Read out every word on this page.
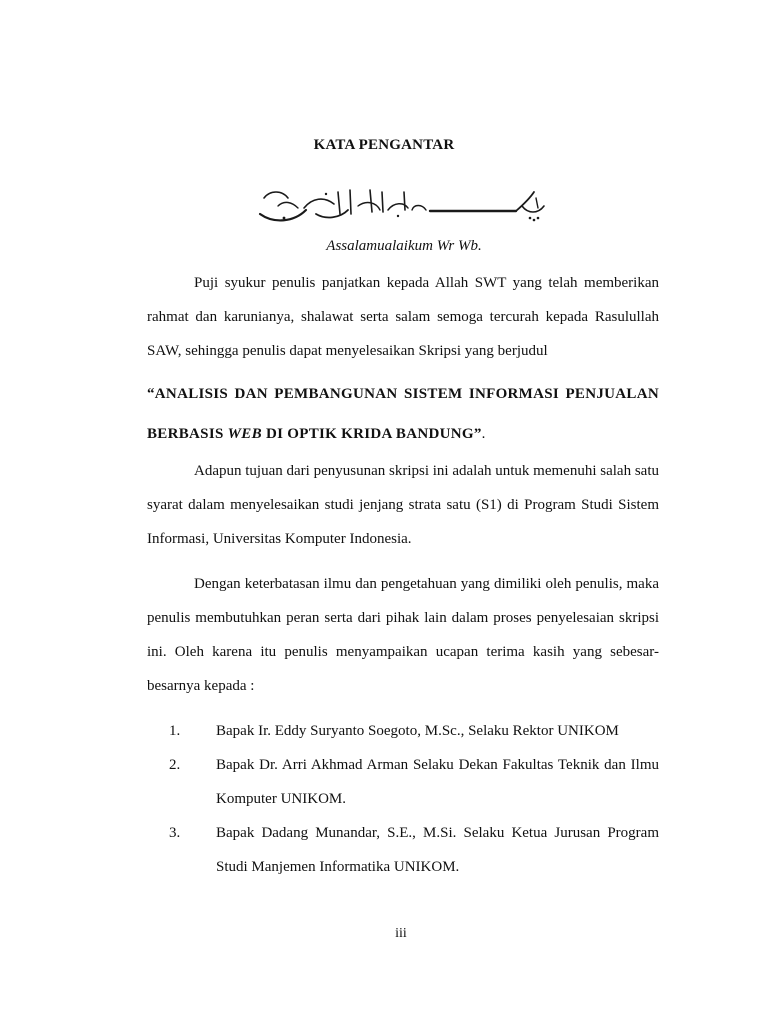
KATA PENGANTAR
Assalamualaikum Wr Wb.
Puji syukur penulis panjatkan kepada Allah SWT yang telah memberikan rahmat dan karunianya, shalawat serta salam semoga tercurah kepada Rasulullah SAW, sehingga penulis dapat menyelesaikan Skripsi yang berjudul
“ANALISIS DAN PEMBANGUNAN SISTEM INFORMASI PENJUALAN BERBASIS WEB DI OPTIK KRIDA BANDUNG”.
Adapun tujuan dari penyusunan skripsi ini adalah untuk memenuhi salah satu syarat dalam menyelesaikan studi jenjang strata satu (S1) di Program Studi Sistem Informasi, Universitas Komputer Indonesia.
Dengan keterbatasan ilmu dan pengetahuan yang dimiliki oleh penulis, maka penulis membutuhkan peran serta dari pihak lain dalam proses penyelesaian skripsi ini. Oleh karena itu penulis menyampaikan ucapan terima kasih yang sebesar-besarnya kepada :
1.	Bapak Ir. Eddy Suryanto Soegoto, M.Sc., Selaku Rektor UNIKOM
2.	Bapak Dr. Arri Akhmad Arman Selaku Dekan Fakultas Teknik dan Ilmu Komputer UNIKOM.
3.	Bapak Dadang Munandar, S.E., M.Si. Selaku Ketua Jurusan Program Studi Manjemen Informatika UNIKOM.
iii
